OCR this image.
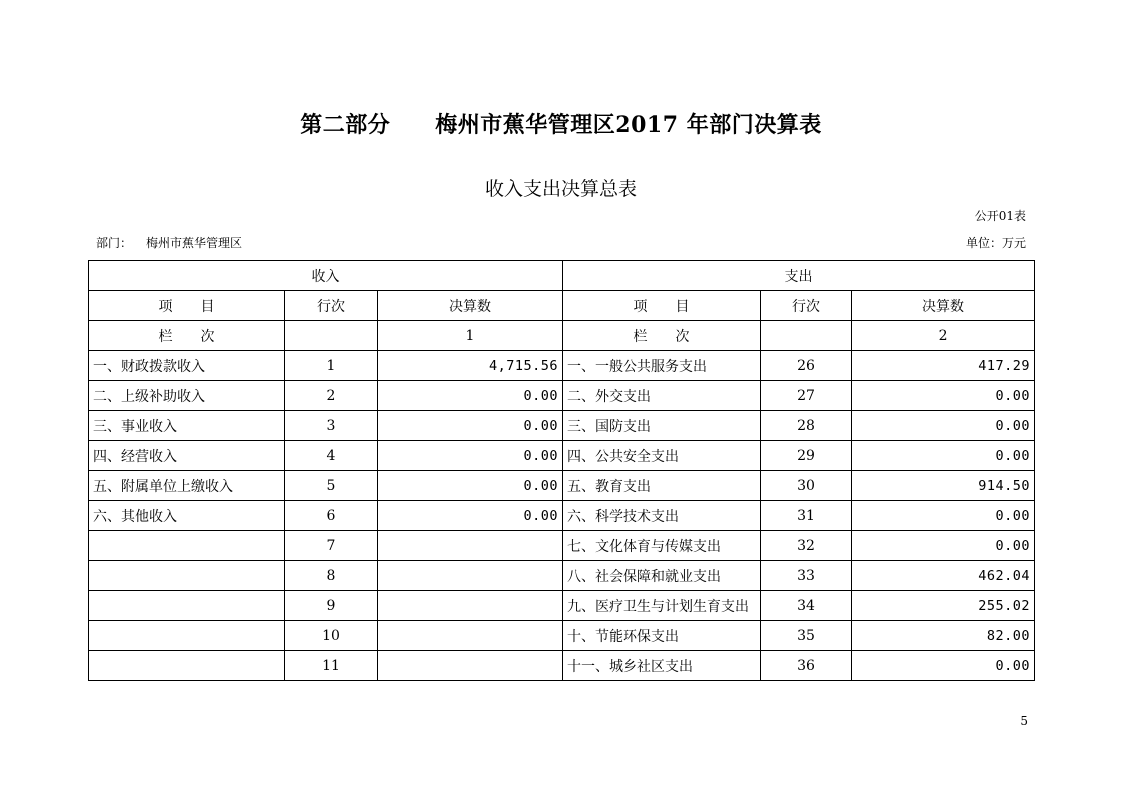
第二部分　　梅州市蕉华管理区2017 年部门决算表
收入支出决算总表
公开01表
部门： 梅州市蕉华管理区	单位：万元
收入			支出		
项　　目	行次	决算数	项　　目	行次	决算数
栏　　次		1	栏　　次		2
一、财政拨款收入	1	4,715.56	一、一般公共服务支出	26	417.29
二、上级补助收入	2	0.00	二、外交支出	27	0.00
三、事业收入	3	0.00	三、国防支出	28	0.00
四、经营收入	4	0.00	四、公共安全支出	29	0.00
五、附属单位上缴收入	5	0.00	五、教育支出	30	914.50
六、其他收入	6	0.00	六、科学技术支出	31	0.00
	7		七、文化体育与传媒支出	32	0.00
	8		八、社会保障和就业支出	33	462.04
	9		九、医疗卫生与计划生育支出	34	255.02
	10		十、节能环保支出	35	82.00
	11		十一、城乡社区支出	36	0.00
5
